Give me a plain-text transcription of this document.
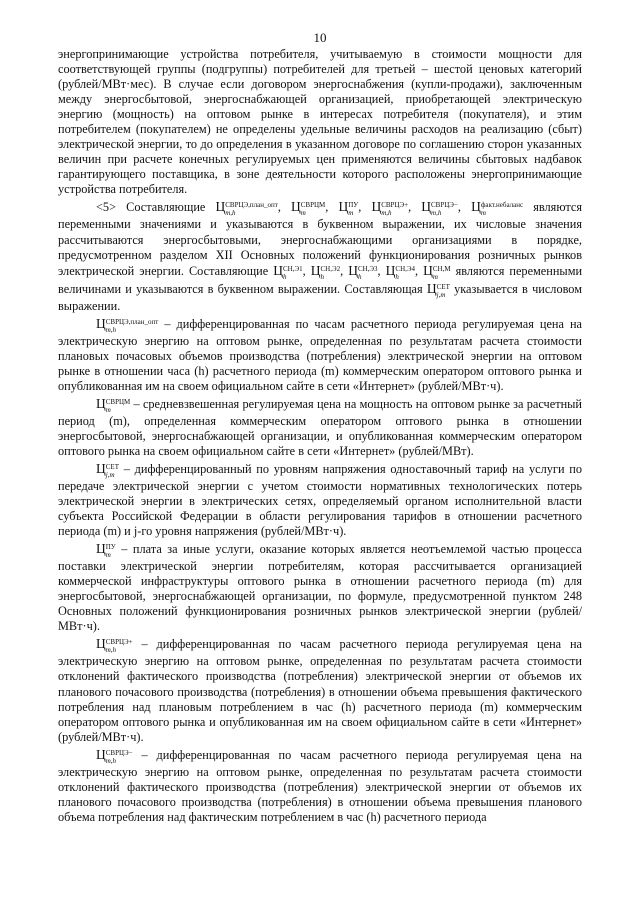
10

энергопринимающие устройства потребителя, учитываемую в стоимости мощности для соответствующей группы (подгруппы) потребителей для третьей – шестой ценовых категорий (рублей/МВт·мес). В случае если договором энергоснабжения (купли-продажи), заключенным между энергосбытовой, энергоснабжающей организацией, приобретающей электрическую энергию (мощность) на оптовом рынке в интересах потребителя (покупателя), и этим потребителем (покупателем) не определены удельные величины расходов на реализацию (сбыт) электрической энергии, то до определения в указанном договоре по соглашению сторон указанных величин при расчете конечных регулируемых цен применяются величины сбытовых надбавок гарантирующего поставщика, в зоне деятельности которого расположены энергопринимающие устройства потребителя.

<5> Составляющие Ц СВРЦЭ,план_опт
m,h	, Ц СВРЦМ
m	, Ц ПУ
m , Ц СВРЦЭ+
m,h	, Ц СВРЦЭ−
m,h	, Ц факт.небаланс
m	являются переменными значениями и указываются в буквенном выражении, их числовые значения рассчитываются энергосбытовыми, энергоснабжающими организациями в порядке, предусмотренном разделом XII Основных положений функционирования розничных рынков электрической энергии. Составляющие Ц СН,Э1
h	, Ц СН,Э2
h	, Ц СН,Э3
h	, Ц СН,Э4
h	, Ц СН,М
m	являются переменными величинами и указываются в буквенном выражении. Составляющая Ц СЕТ
j,m указывается в числовом выражении.

Ц СВРЦЭ,план_опт
m,h	– дифференцированная по часам расчетного периода регулируемая цена на электрическую энергию на оптовом рынке, определенная по результатам расчета стоимости плановых почасовых объемов производства (потребления) электрической энергии на оптовом рынке в отношении часа (h) расчетного периода (m) коммерческим оператором оптового рынка и опубликованная им на своем официальном сайте в сети «Интернет» (рублей/МВт·ч).

Ц СВРЦМ
m	– средневзвешенная регулируемая цена на мощность на оптовом рынке за расчетный период (m), определенная коммерческим оператором оптового рынка в отношении энергосбытовой, энергоснабжающей организации, и опубликованная коммерческим оператором оптового рынка на своем официальном сайте в сети «Интернет» (рублей/МВт).

Ц СЕТ
j,m – дифференцированный по уровням напряжения одноставочный тариф на услуги по передаче электрической энергии с учетом стоимости нормативных технологических потерь электрической энергии в электрических сетях, определяемый органом исполнительной власти субъекта Российской Федерации в области регулирования тарифов в отношении расчетного периода (m) и j-го уровня напряжения (рублей/МВт·ч).

Ц ПУ
m – плата за иные услуги, оказание которых является неотъемлемой частью процесса поставки электрической энергии потребителям, которая рассчитывается организацией коммерческой инфраструктуры оптового рынка в отношении расчетного периода (m) для энергосбытовой, энергоснабжающей организации, по формуле, предусмотренной пунктом 248 Основных положений функционирования розничных рынков электрической энергии (рублей/МВт·ч).

Ц СВРЦЭ+
m,h	– дифференцированная по часам расчетного периода регулируемая цена на электрическую энергию на оптовом рынке, определенная по результатам расчета стоимости отклонений фактического производства (потребления) электрической энергии от объемов их планового почасового производства (потребления) в отношении объема превышения фактического потребления над плановым потреблением в час (h) расчетного периода (m) коммерческим оператором оптового рынка и опубликованная им на своем официальном сайте в сети «Интернет» (рублей/МВт·ч).

Ц СВРЦЭ−
m,h	– дифференцированная по часам расчетного периода регулируемая цена на электрическую энергию на оптовом рынке, определенная по результатам расчета стоимости отклонений фактического производства (потребления) электрической энергии от объемов их планового почасового производства (потребления) в отношении объема превышения планового объема потребления над фактическим потреблением в час (h) расчетного периода
